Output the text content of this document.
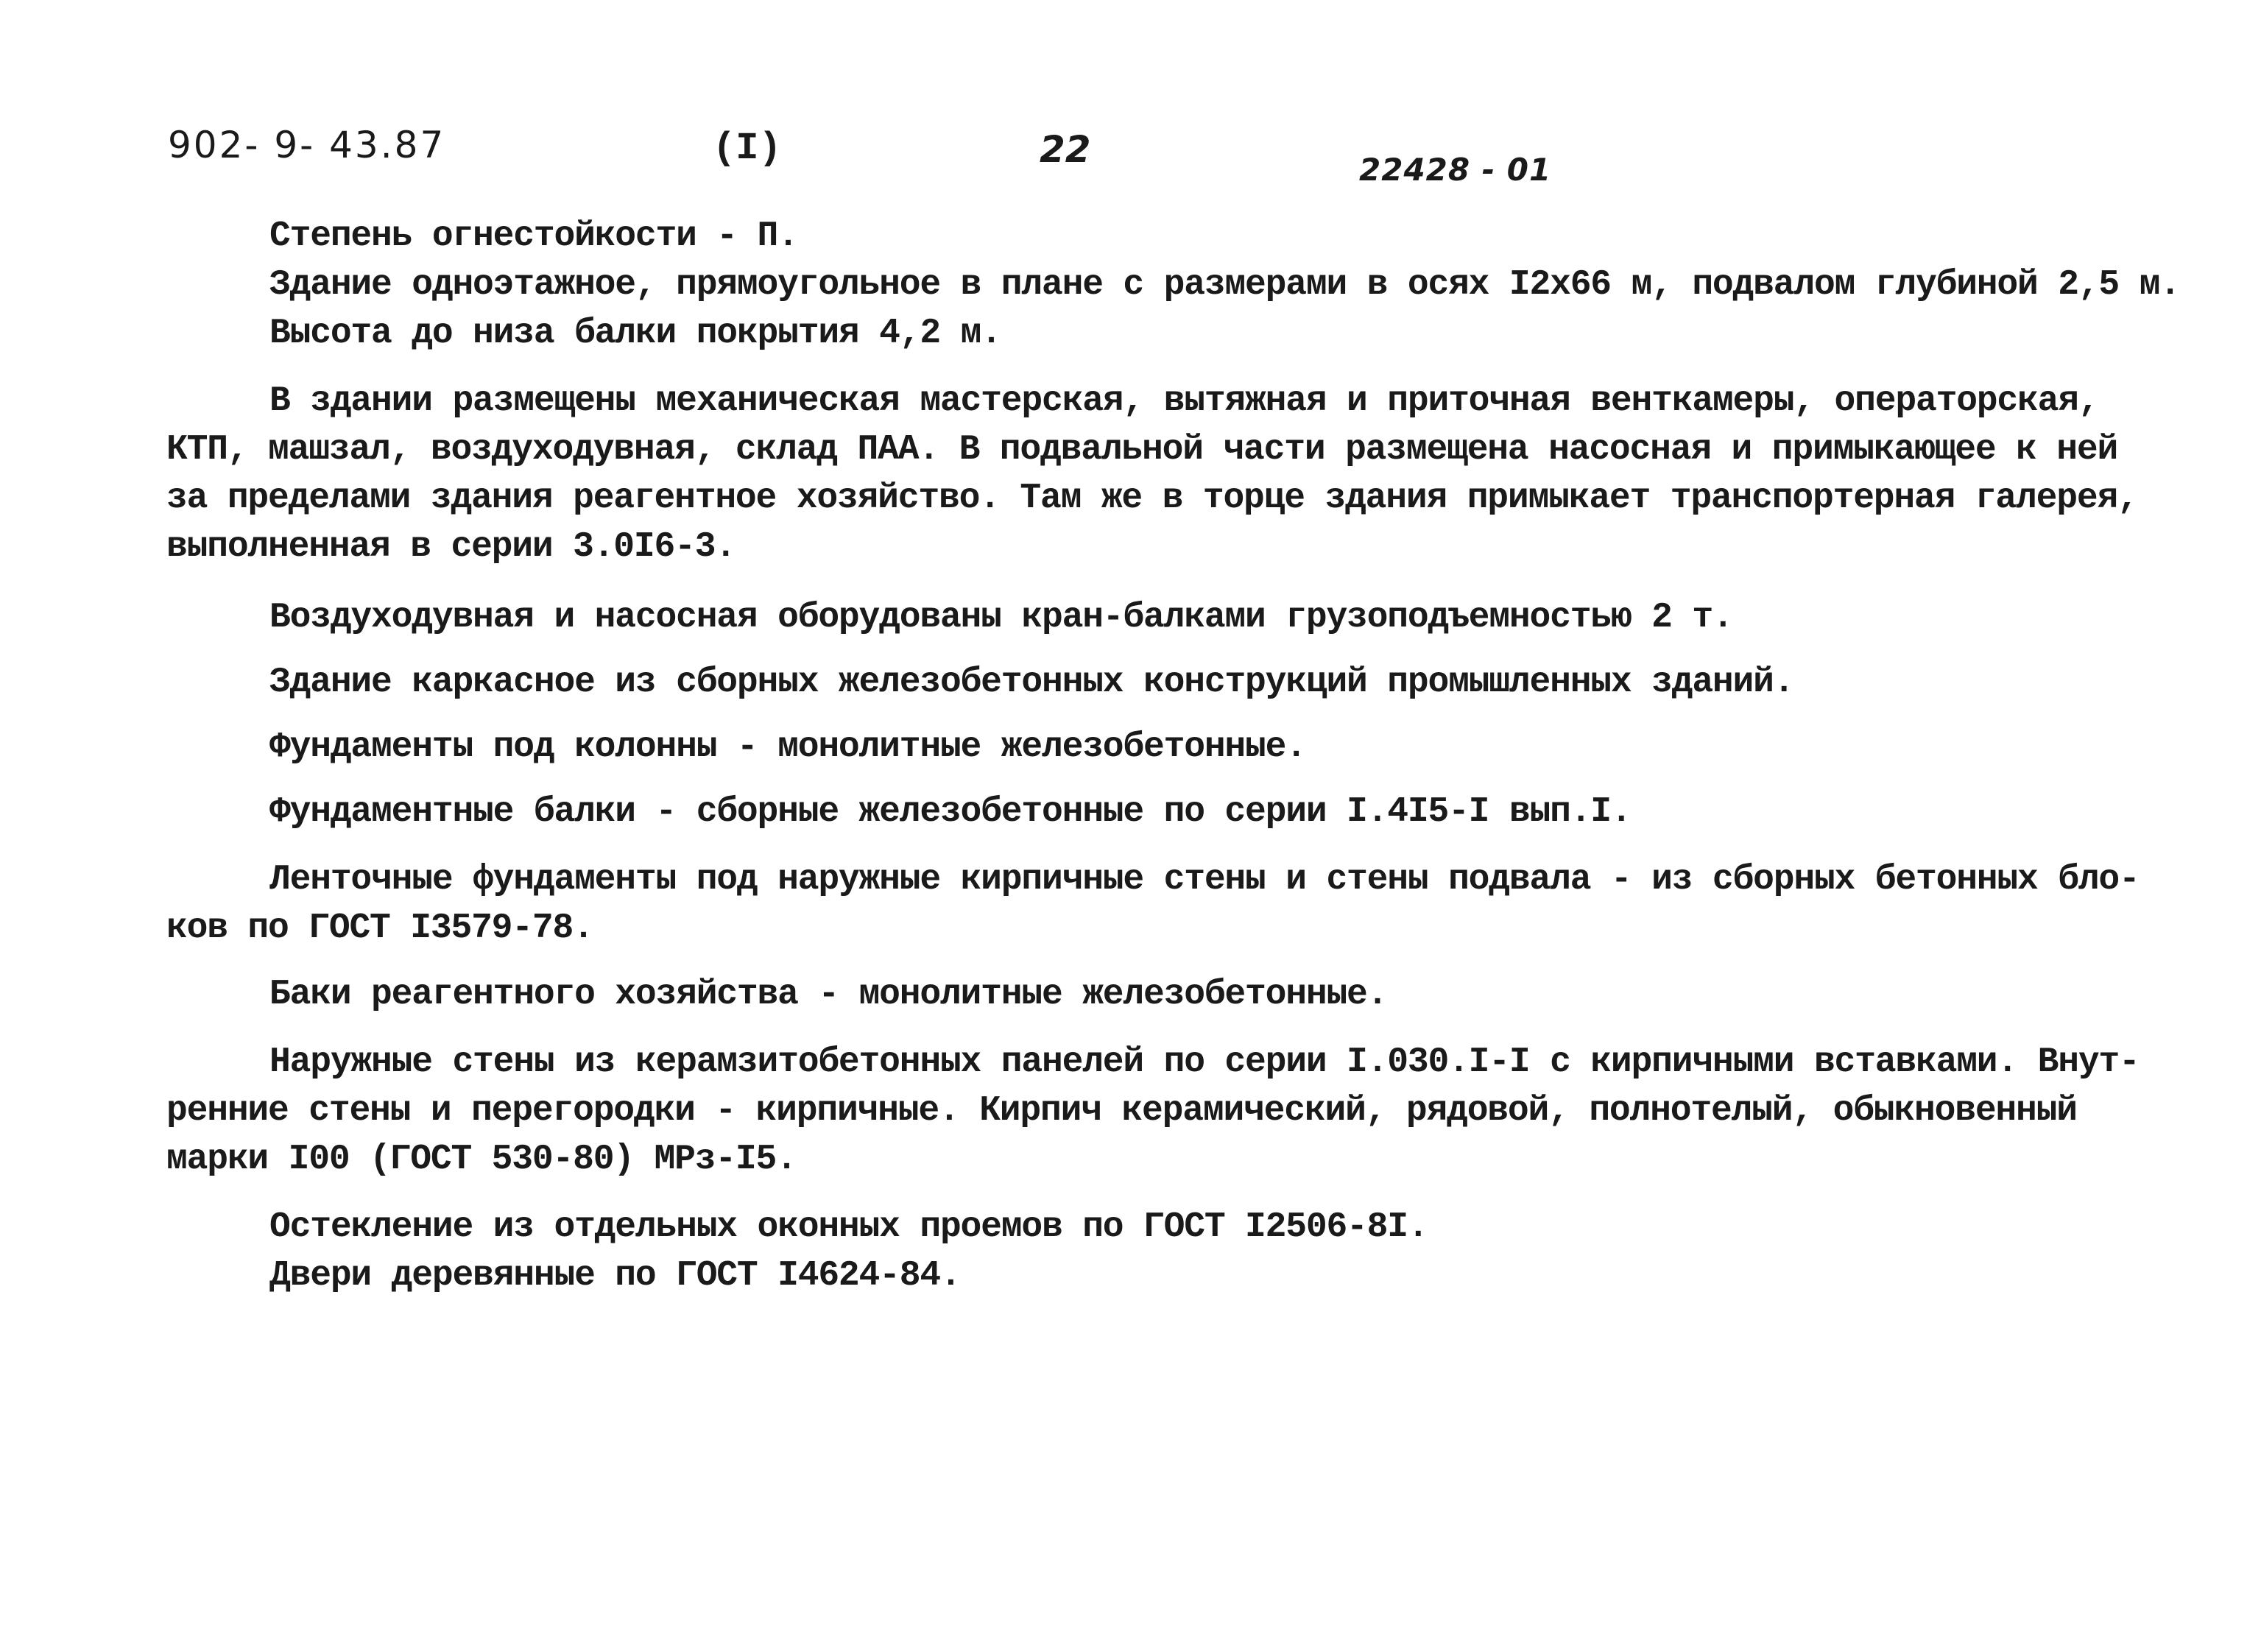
902- 9- 43.87	(I)	22	22428 - 01
Степень огнестойкости - П.
Здание одноэтажное, прямоугольное в плане с размерами в осях I2х66 м, подвалом глубиной 2,5 м.
Высота до низа балки покрытия 4,2 м.
В здании размещены механическая мастерская, вытяжная и приточная венткамеры, операторская,
КТП, машзал, воздуходувная, склад ПАА. В подвальной части размещена насосная и примыкающее к ней
за пределами здания реагентное хозяйство. Там же в торце здания примыкает транспортерная галерея,
выполненная в серии 3.0I6-3.
Воздуходувная и насосная оборудованы кран-балками грузоподъемностью 2 т.
Здание каркасное из сборных железобетонных конструкций промышленных зданий.
Фундаменты под колонны - монолитные железобетонные.
Фундаментные балки - сборные железобетонные по серии I.4I5-I вып.I.
Ленточные фундаменты под наружные кирпичные стены и стены подвала - из сборных бетонных бло-
ков по ГОСТ I3579-78.
Баки реагентного хозяйства - монолитные железобетонные.
Наружные стены из керамзитобетонных панелей по серии I.030.I-I с кирпичными вставками. Внут-
ренние стены и перегородки - кирпичные. Кирпич керамический, рядовой, полнотелый, обыкновенный
марки I00 (ГОСТ 530-80) МРз-I5.
Остекление из отдельных оконных проемов по ГОСТ I2506-8I.
Двери деревянные по ГОСТ I4624-84.
